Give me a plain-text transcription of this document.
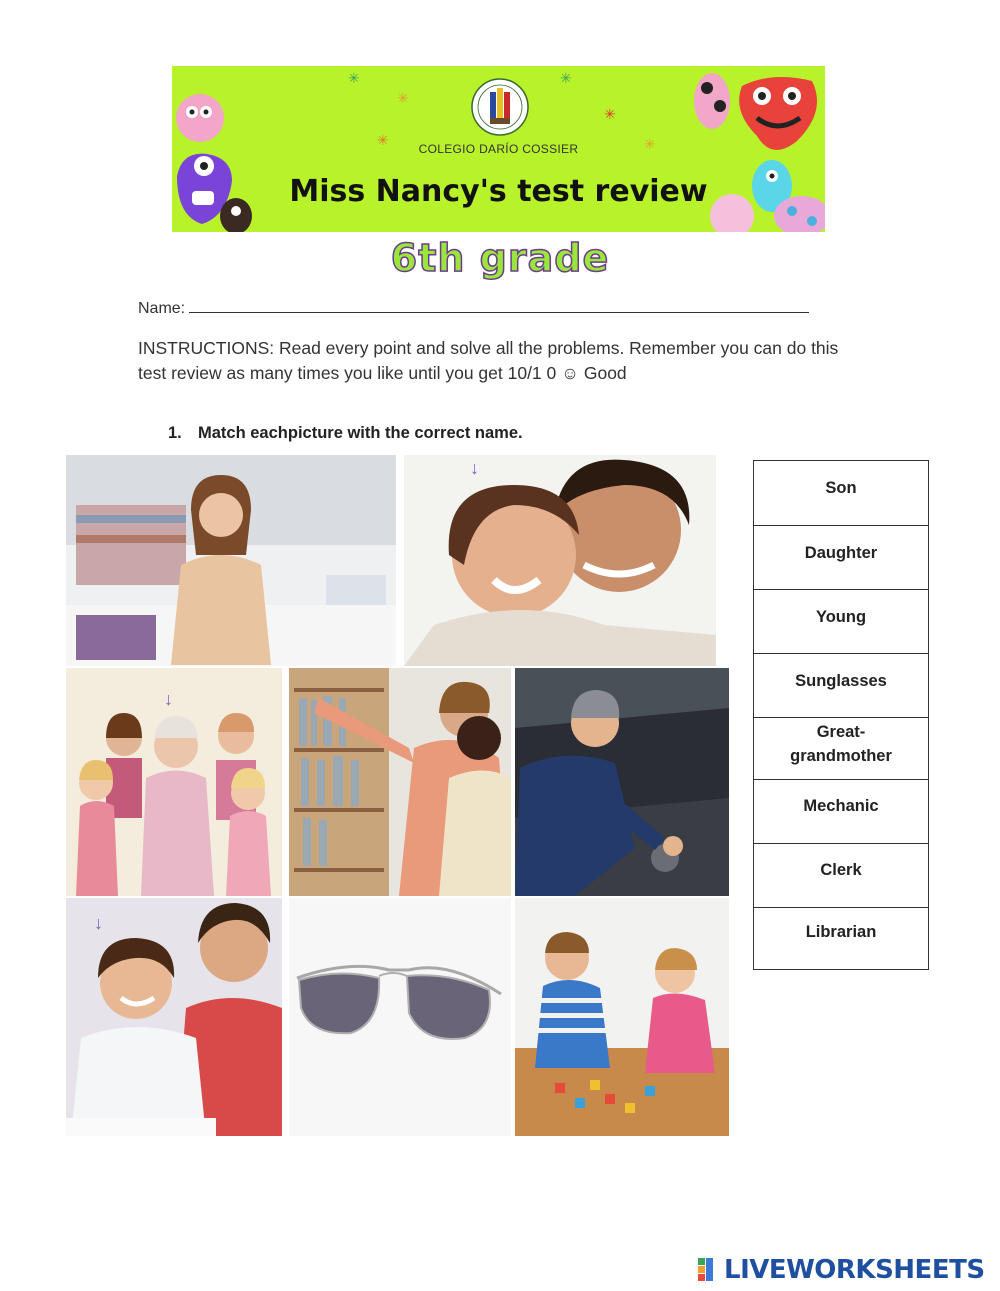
✳
✳
✳
✳
✳
✳
COLEGIO DARÍO COSSIER
Miss Nancy's test review
6th grade
Name:
INSTRUCTIONS: Read every point and solve all the problems. Remember you can do this test review as many times you like until you get 10/1 0 ☺ Good
1. Match eachpicture with the correct name.
↓
↓
↓
Son
Daughter
Young
Sunglasses
Great-
grandmother
Mechanic
Clerk
Librarian
LIVEWORKSHEETS
